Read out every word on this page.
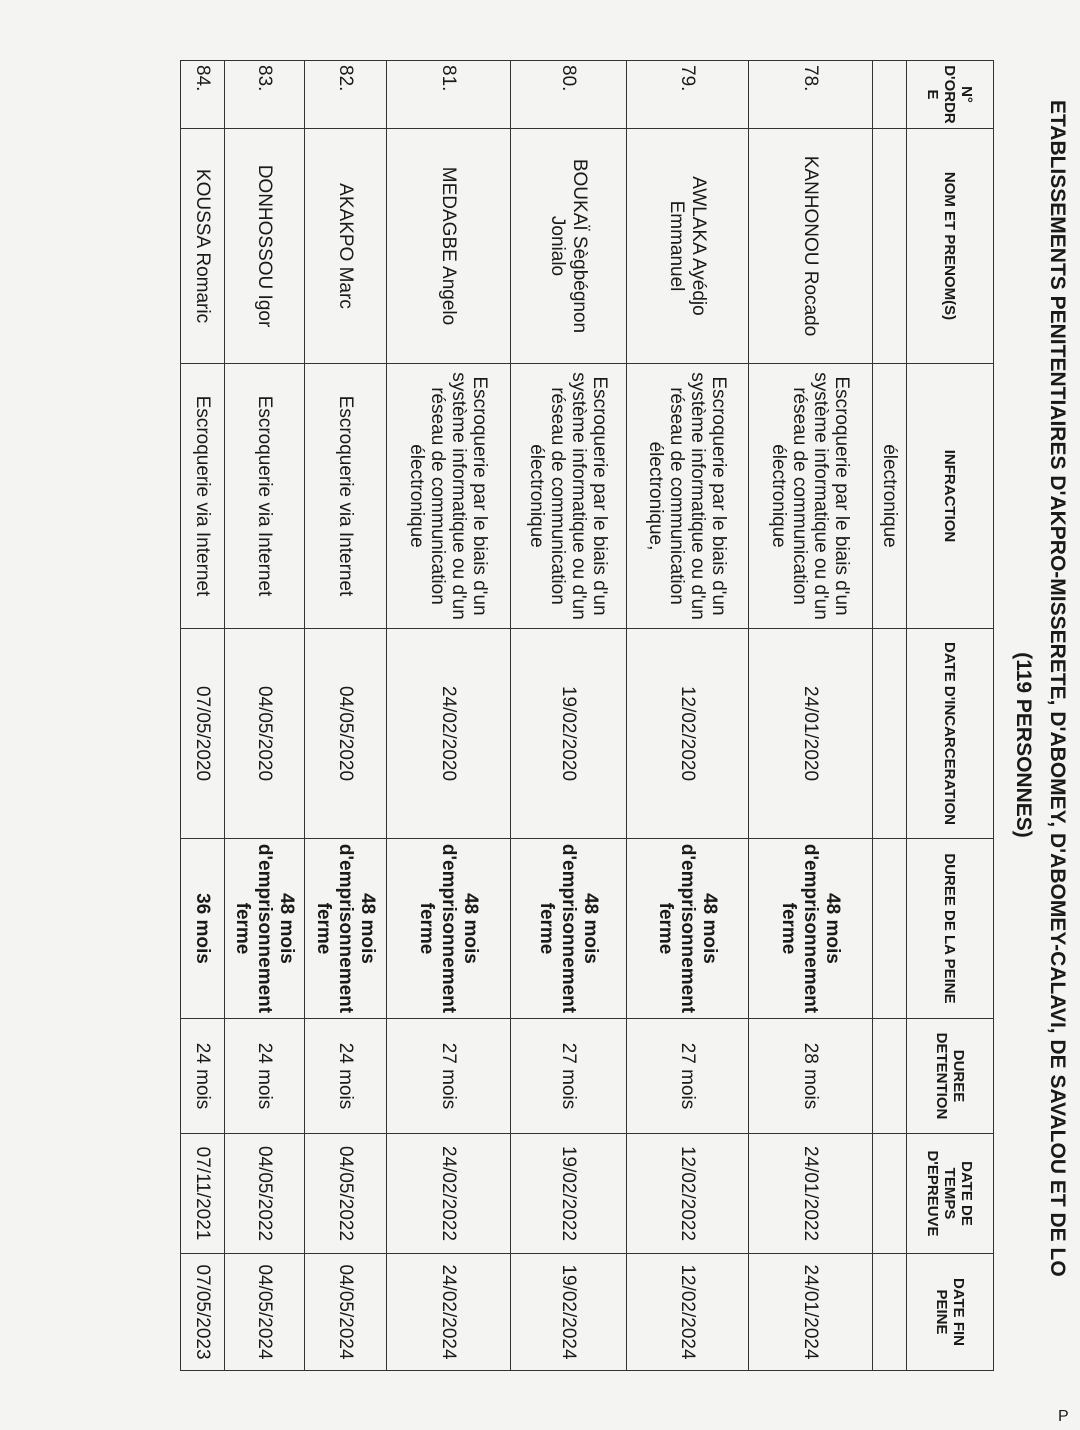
ETABLISSEMENTS PENITENTIAIRES D'AKPRO-MISSERETE, D'ABOMEY, D'ABOMEY-CALAVI, DE SAVALOU ET DE LO
(119 PERSONNES)
N° D'ORDR E	NOM ET PRENOM(S)	INFRACTION	DATE D'INCARCERATION	DUREE DE LA PEINE	DUREE DETENTION	DATE DE TEMPS D'EPREUVE	DATE FIN PEINE
		électronique					
78.	KANHONOU Rocado	Escroquerie par le biais d'un système informatique ou d'un réseau de communication électronique	24/01/2020	48 mois d'emprisonnement ferme	28 mois	24/01/2022	24/01/2024
79.	AWLAKA Ayédjo Emmanuel	Escroquerie par le biais d'un système informatique ou d'un réseau de communication électronique,	12/02/2020	48 mois d'emprisonnement ferme	27 mois	12/02/2022	12/02/2024
80.	BOUKAÏ Sègbégnon Jonialo	Escroquerie par le biais d'un système informatique ou d'un réseau de communication électronique	19/02/2020	48 mois d'emprisonnement ferme	27 mois	19/02/2022	19/02/2024
81.	MEDAGBE Angelo	Escroquerie par le biais d'un système informatique ou d'un réseau de communication électronique	24/02/2020	48 mois d'emprisonnement ferme	27 mois	24/02/2022	24/02/2024
82.	AKAKPO Marc	Escroquerie via Internet	04/05/2020	48 mois d'emprisonnement ferme	24 mois	04/05/2022	04/05/2024
83.	DONHOSSOU Igor	Escroquerie via Internet	04/05/2020	48 mois d'emprisonnement ferme	24 mois	04/05/2022	04/05/2024
84.	KOUSSA Romaric	Escroquerie via Internet	07/05/2020	36 mois	24 mois	07/11/2021	07/05/2023
P
